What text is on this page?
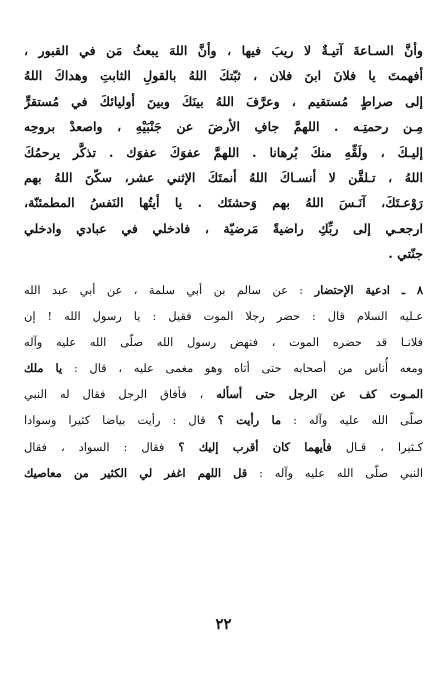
وأنَّ السـاعةَ آتيـةٌ لا ريبَ فيها ، وأنَّ اللهَ يبعثُ مَن في القبور ،
أفهمتَ يا فلانَ ابنَ فلان ، ثبّتكَ اللهُ بالقولِ الثابتِ وهداكَ اللهُ
إلى صراطٍ مُستقيم ، وعرَّفَ اللهُ بينَكَ وبينَ أوليائكَ في مُستقرٍّ
مِـن رحمتِـه . اللهمَّ جافِ الأرضَ عن جَنْبَيْهِ ، واصعدْ بروحِه
إليـكَ ، ولَقِّهِ منكَ بُرهانا . اللهمَّ عفوَكَ عفوَك . تذكَّر يرحمُكَ
اللهُ ، تـلقَّن لا أنسـاكَ اللهُ أنمتَكَ الإثني عشر، سكّنَ اللهُ بهم
رَوْعـتَكَ، آنَـسَ اللهُ بهم وَحشتَك . يا أيتُها النَفسُ المطمئنّة،
ارجعـي إلى ربِّكِ راضيةً مَرضيّة ، فادخلي في عبادي وادخلي
جنّتي .
٨ ـ ادعية الإحتضار : عن سالم بن أبي سلمة ، عن أبي عبد الله
عـليه السلام قال : حضر رجلا الموت فقيل : يا رسول الله ! إن
فلانـا قد حضره الموت ، فنهض رسول الله صلّى الله عليه وآله
ومعه أُناس من أصحابه حتى أتاه وهو مغمى عليه ، قال : يا ملك
المـوت كف عن الرجل حتى أسأله ، فأفاق الرجل فقال له النبي
صلّى الله عليه وآله : ما رأيت ؟ قال : رأيت بياضا كثيرا وسوادا
كـثيرا ، قـال فأيهما كان أقرب إليك ؟ فقال : السواد ، فقال
النبي صلّى الله عليه وآله : قل اللهم اغفر لي الكثير من معاصيك
٢٢
